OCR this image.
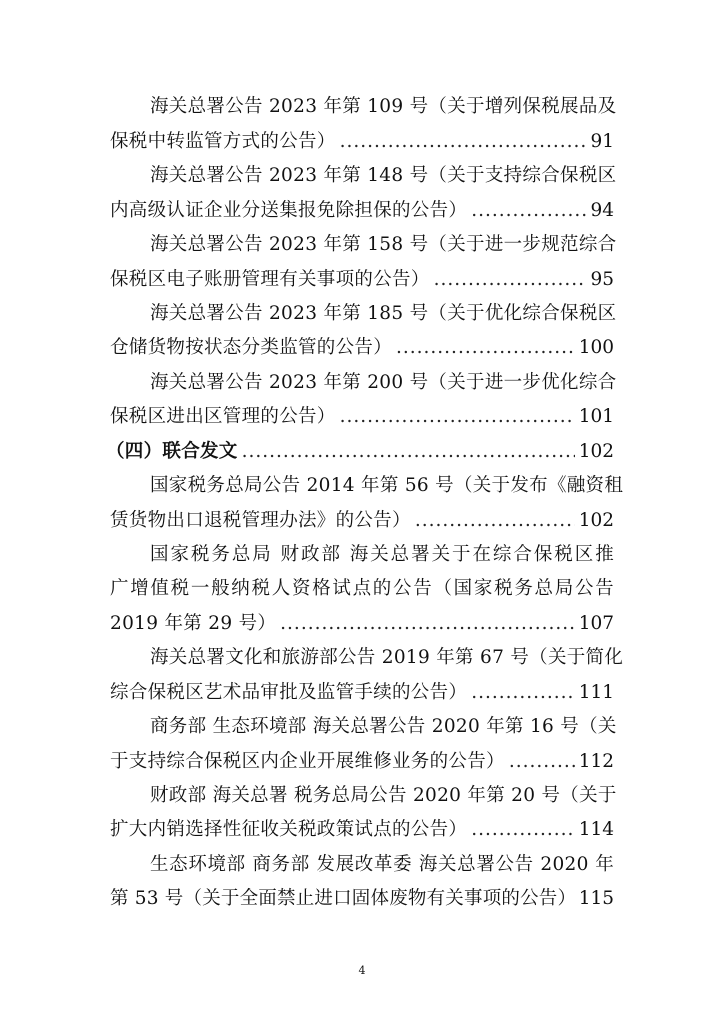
海关总署公告 2023 年第 109 号（关于增列保税展品及
保税中转监管方式的公告） .....	91
海关总署公告 2023 年第 148 号（关于支持综合保税区
内高级认证企业分送集报免除担保的公告） .....	94
海关总署公告 2023 年第 158 号（关于进一步规范综合
保税区电子账册管理有关事项的公告） .....	95
海关总署公告 2023 年第 185 号（关于优化综合保税区
仓储货物按状态分类监管的公告） .....	100
海关总署公告 2023 年第 200 号（关于进一步优化综合
保税区进出区管理的公告） .....	101
（四）联合发文 .....	102
国家税务总局公告 2014 年第 56 号（关于发布《融资租
赁货物出口退税管理办法》的公告） .....	102
国家税务总局 财政部 海关总署关于在综合保税区推
广增值税一般纳税人资格试点的公告（国家税务总局公告
2019 年第 29 号） .....	107
海关总署文化和旅游部公告 2019 年第 67 号（关于简化
综合保税区艺术品审批及监管手续的公告） .....	111
商务部 生态环境部 海关总署公告 2020 年第 16 号（关
于支持综合保税区内企业开展维修业务的公告） .....	112
财政部 海关总署 税务总局公告 2020 年第 20 号（关于
扩大内销选择性征收关税政策试点的公告） .....	114
生态环境部 商务部 发展改革委 海关总署公告 2020 年
第 53 号（关于全面禁止进口固体废物有关事项的公告） 115
4
